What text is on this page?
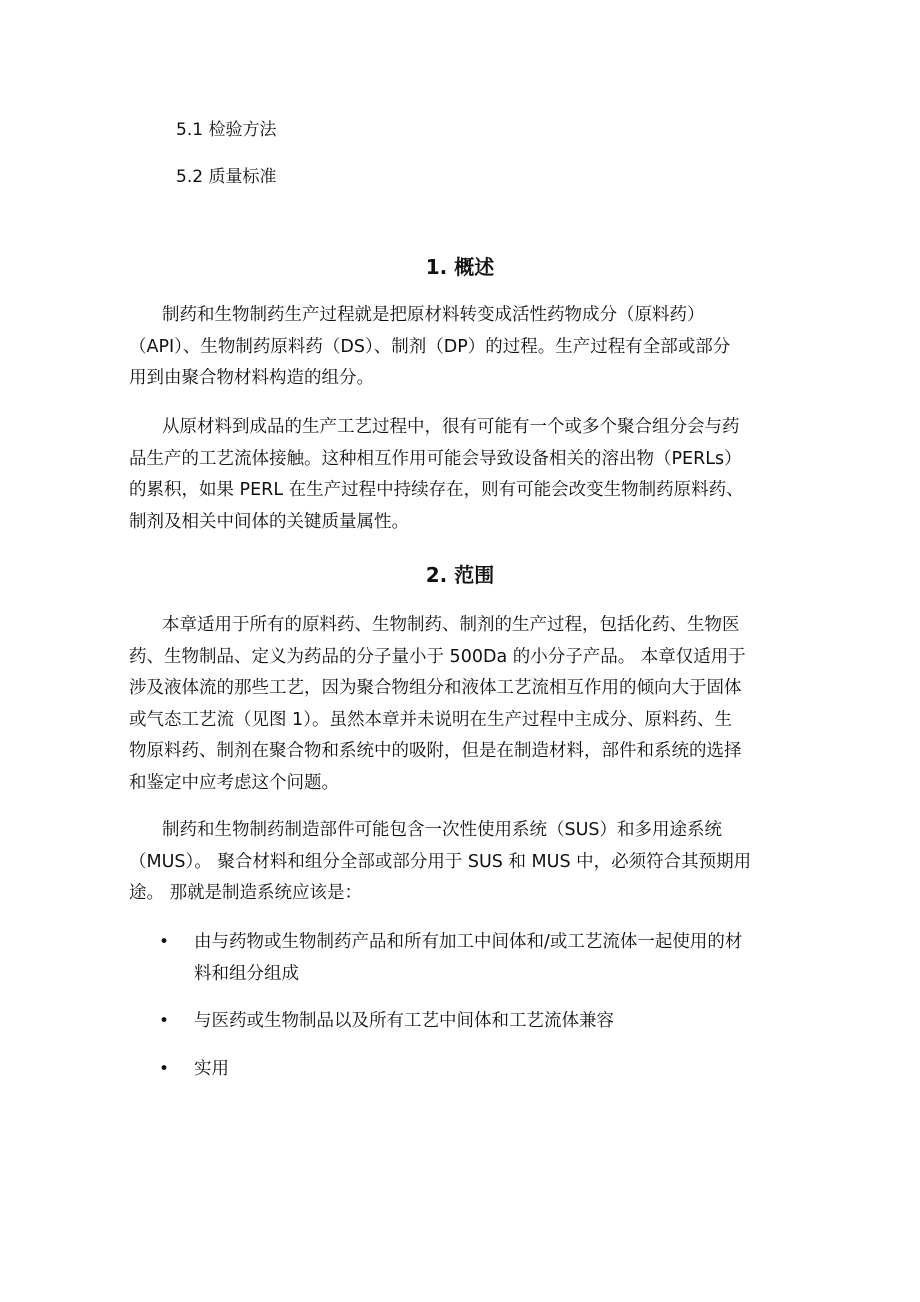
5.1 检验方法

5.2 质量标准

1. 概述
制药和生物制药生产过程就是把原材料转变成活性药物成分（原料药）
（API）、生物制药原料药（DS）、制剂（DP）的过程。生产过程有全部或部分
用到由聚合物材料构造的组分。
从原材料到成品的生产工艺过程中，很有可能有一个或多个聚合组分会与药
品生产的工艺流体接触。这种相互作用可能会导致设备相关的溶出物（PERLs）
的累积，如果 PERL 在生产过程中持续存在，则有可能会改变生物制药原料药、
制剂及相关中间体的关键质量属性。
2. 范围
本章适用于所有的原料药、生物制药、制剂的生产过程，包括化药、生物医
药、生物制品、定义为药品的分子量小于 500Da 的小分子产品。 本章仅适用于
涉及液体流的那些工艺，因为聚合物组分和液体工艺流相互作用的倾向大于固体
或气态工艺流（见图 1）。虽然本章并未说明在生产过程中主成分、原料药、生
物原料药、制剂在聚合物和系统中的吸附，但是在制造材料，部件和系统的选择
和鉴定中应考虑这个问题。
制药和生物制药制造部件可能包含一次性使用系统（SUS）和多用途系统
（MUS）。 聚合材料和组分全部或部分用于 SUS 和 MUS 中，必须符合其预期用
途。 那就是制造系统应该是：
• 由与药物或生物制药产品和所有加工中间体和/或工艺流体一起使用的材
料和组分组成
• 与医药或生物制品以及所有工艺中间体和工艺流体兼容
• 实用
